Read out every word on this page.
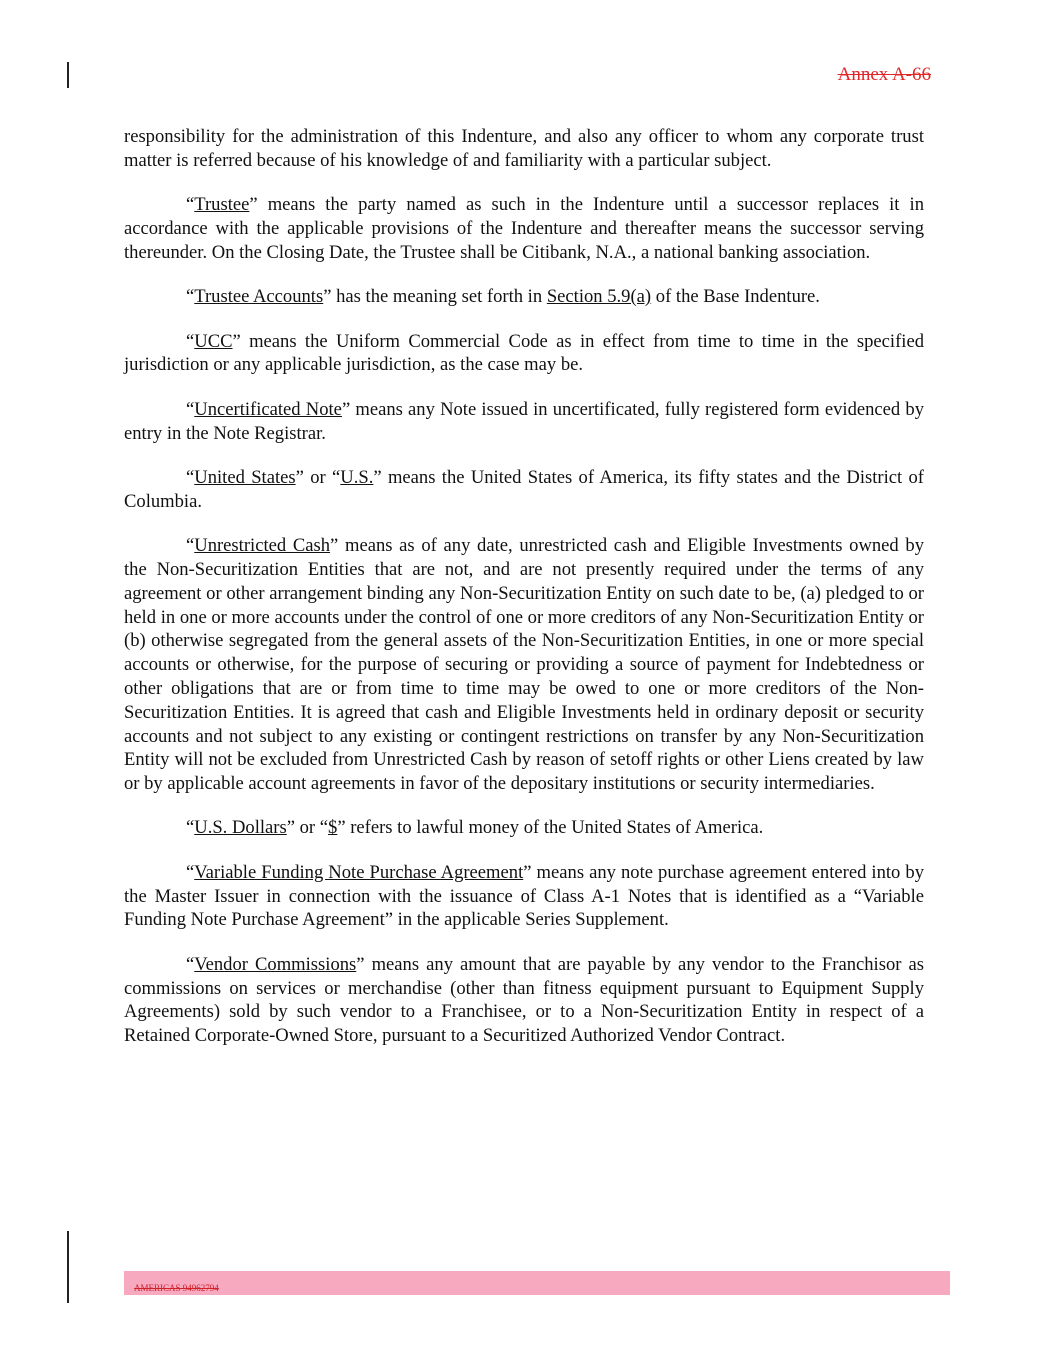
Annex A-66

responsibility for the administration of this Indenture, and also any officer to whom any corporate trust matter is referred because of his knowledge of and familiarity with a particular subject.

“Trustee” means the party named as such in the Indenture until a successor replaces it in accordance with the applicable provisions of the Indenture and thereafter means the successor serving thereunder. On the Closing Date, the Trustee shall be Citibank, N.A., a national banking association.

“Trustee Accounts” has the meaning set forth in Section 5.9(a) of the Base Indenture.

“UCC” means the Uniform Commercial Code as in effect from time to time in the specified jurisdiction or any applicable jurisdiction, as the case may be.

“Uncertificated Note” means any Note issued in uncertificated, fully registered form evidenced by entry in the Note Registrar.

“United States” or “U.S.” means the United States of America, its fifty states and the District of Columbia.

“Unrestricted Cash” means as of any date, unrestricted cash and Eligible Investments owned by the Non-Securitization Entities that are not, and are not presently required under the terms of any agreement or other arrangement binding any Non-Securitization Entity on such date to be, (a) pledged to or held in one or more accounts under the control of one or more creditors of any Non-Securitization Entity or (b) otherwise segregated from the general assets of the Non-Securitization Entities, in one or more special accounts or otherwise, for the purpose of securing or providing a source of payment for Indebtedness or other obligations that are or from time to time may be owed to one or more creditors of the Non-Securitization Entities. It is agreed that cash and Eligible Investments held in ordinary deposit or security accounts and not subject to any existing or contingent restrictions on transfer by any Non-Securitization Entity will not be excluded from Unrestricted Cash by reason of setoff rights or other Liens created by law or by applicable account agreements in favor of the depositary institutions or security intermediaries.

“U.S. Dollars” or “$” refers to lawful money of the United States of America.

“Variable Funding Note Purchase Agreement” means any note purchase agreement entered into by the Master Issuer in connection with the issuance of Class A-1 Notes that is identified as a “Variable Funding Note Purchase Agreement” in the applicable Series Supplement.

“Vendor Commissions” means any amount that are payable by any vendor to the Franchisor as commissions on services or merchandise (other than fitness equipment pursuant to Equipment Supply Agreements) sold by such vendor to a Franchisee, or to a Non-Securitization Entity in respect of a Retained Corporate-Owned Store, pursuant to a Securitized Authorized Vendor Contract.

AMERICAS 94962794
